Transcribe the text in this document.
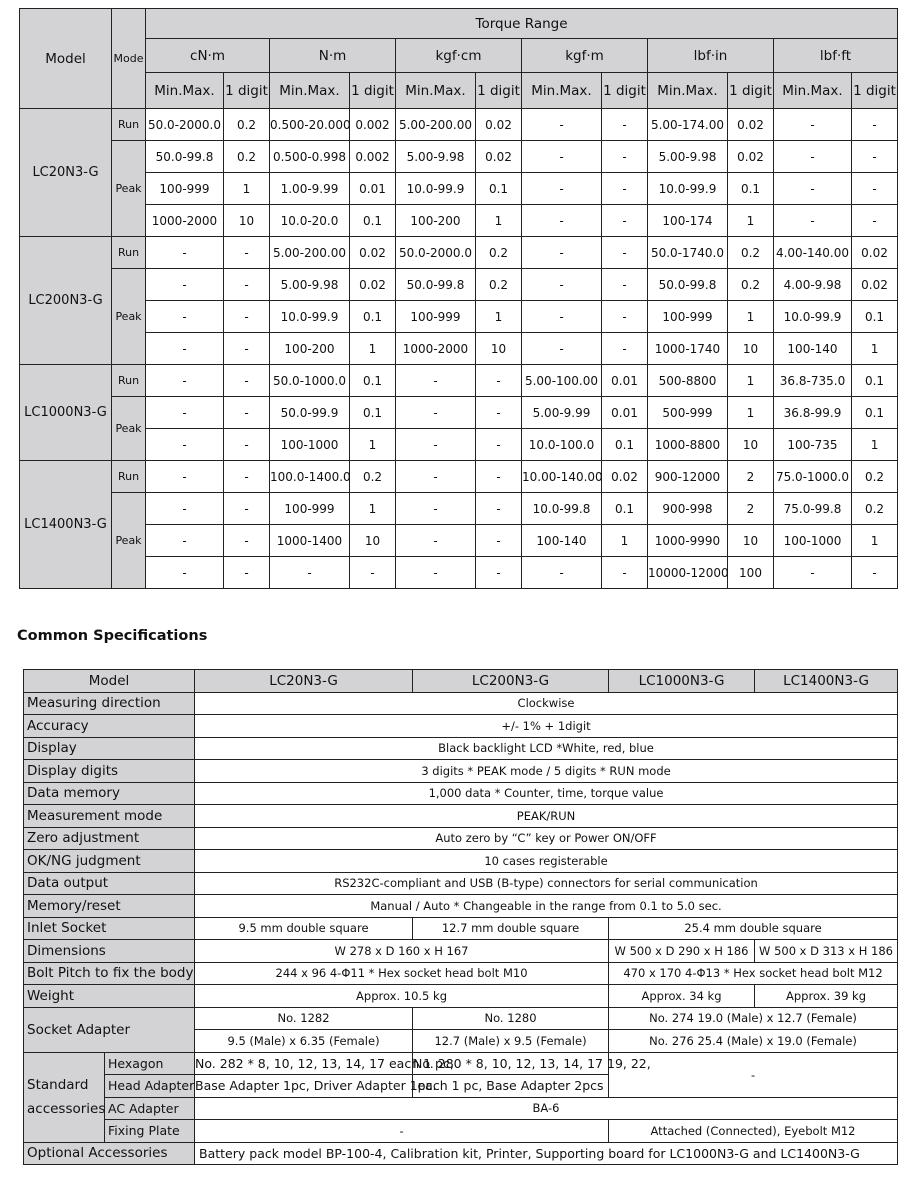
Model	Mode	Torque Range											
		cN·m		N·m		kgf·cm		kgf·m		lbf·in		lbf·ft	
		Min.Max.	1 digit	Min.Max.	1 digit	Min.Max.	1 digit	Min.Max.	1 digit	Min.Max.	1 digit	Min.Max.	1 digit
LC20N3-G	Run	50.0-2000.0	0.2	0.500-20.000	0.002	5.00-200.00	0.02	-	-	5.00-174.00	0.02	-	-
	Peak	50.0-99.8	0.2	0.500-0.998	0.002	5.00-9.98	0.02	-	-	5.00-9.98	0.02	-	-
		100-999	1	1.00-9.99	0.01	10.0-99.9	0.1	-	-	10.0-99.9	0.1	-	-
		1000-2000	10	10.0-20.0	0.1	100-200	1	-	-	100-174	1	-	-
LC200N3-G	Run	-	-	5.00-200.00	0.02	50.0-2000.0	0.2	-	-	50.0-1740.0	0.2	4.00-140.00	0.02
	Peak	-	-	5.00-9.98	0.02	50.0-99.8	0.2	-	-	50.0-99.8	0.2	4.00-9.98	0.02
		-	-	10.0-99.9	0.1	100-999	1	-	-	100-999	1	10.0-99.9	0.1
		-	-	100-200	1	1000-2000	10	-	-	1000-1740	10	100-140	1
LC1000N3-G	Run	-	-	50.0-1000.0	0.1	-	-	5.00-100.00	0.01	500-8800	1	36.8-735.0	0.1
	Peak	-	-	50.0-99.9	0.1	-	-	5.00-9.99	0.01	500-999	1	36.8-99.9	0.1
		-	-	100-1000	1	-	-	10.0-100.0	0.1	1000-8800	10	100-735	1
LC1400N3-G	Run	-	-	100.0-1400.0	0.2	-	-	10.00-140.00	0.02	900-12000	2	75.0-1000.0	0.2
	Peak	-	-	100-999	1	-	-	10.0-99.8	0.1	900-998	2	75.0-99.8	0.2
		-	-	1000-1400	10	-	-	100-140	1	1000-9990	10	100-1000	1
		-	-	-	-	-	-	-	-	10000-12000	100	-	-
Common Specifications
Model		LC20N3-G	LC200N3-G	LC1000N3-G	LC1400N3-G
Measuring direction		Clockwise			
Accuracy		+/- 1% + 1digit			
Display		Black backlight LCD *White, red, blue			
Display digits		3 digits * PEAK mode / 5 digits * RUN mode			
Data memory		1,000 data * Counter, time, torque value			
Measurement mode		PEAK/RUN			
Zero adjustment		Auto zero by “C” key or Power ON/OFF			
OK/NG judgment		10 cases registerable			
Data output		RS232C-compliant and USB (B-type) connectors for serial communication			
Memory/reset		Manual / Auto * Changeable in the range from 0.1 to 5.0 sec.			
Inlet Socket		9.5 mm double square	12.7 mm double square	25.4 mm double square	
Dimensions		W 278 x D 160 x H 167		W 500 x D 290 x H 186	W 500 x D 313 x H 186
Bolt Pitch to fix the body		244 x 96 4-Φ11 * Hex socket head bolt M10		470 x 170 4-Φ13 * Hex socket head bolt M12	
Weight		Approx. 10.5 kg		Approx. 34 kg	Approx. 39 kg
Socket Adapter		No. 1282	No. 1280	No. 274 19.0 (Male) x 12.7 (Female)	
		9.5 (Male) x 6.35 (Female)	12.7 (Male) x 9.5 (Female)	No. 276 25.4 (Male) x 19.0 (Female)	
Standard
accessories	Hexagon	No. 282 * 8, 10, 12, 13, 14, 17 each 1 pc,	No. 280 * 8, 10, 12, 13, 14, 17 19, 22,	-	
	Head Adapter	Base Adapter 1pc, Driver Adapter 1pc.	each 1 pc, Base Adapter 2pcs		
	AC Adapter	BA-6			
	Fixing Plate	-		Attached (Connected), Eyebolt M12	
Optional Accessories		Battery pack model BP-100-4, Calibration kit, Printer, Supporting board for LC1000N3-G and LC1400N3-G			
